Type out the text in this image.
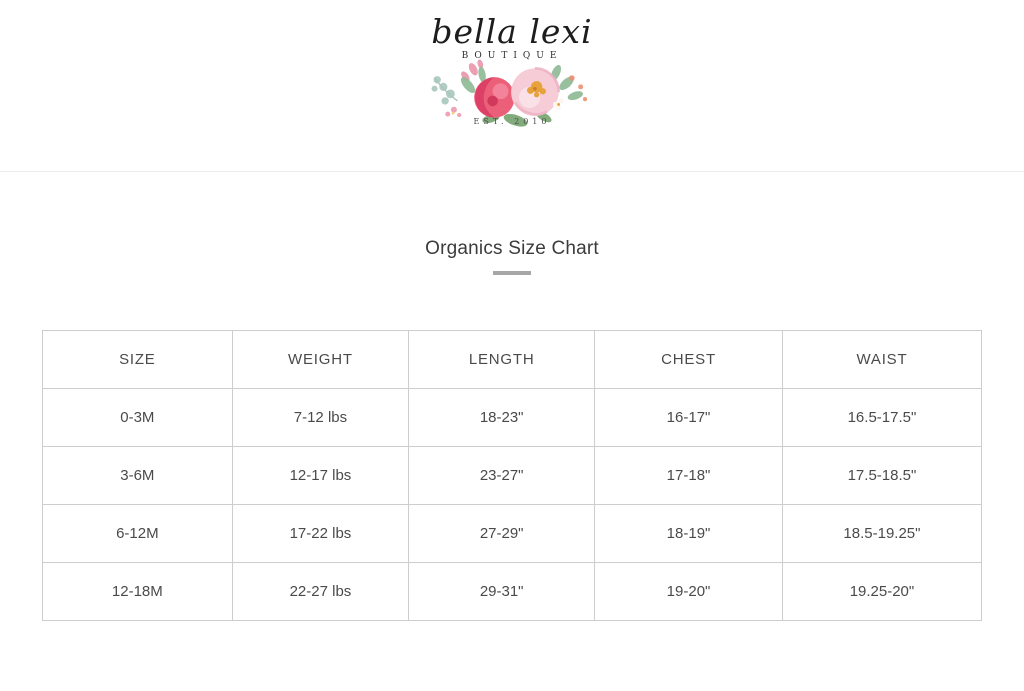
bella lexi
BOUTIQUE
EST. 2010
Organics Size Chart
SIZE	WEIGHT	LENGTH	CHEST	WAIST
0-3M	7-12 lbs	18-23"	16-17"	16.5-17.5"
3-6M	12-17 lbs	23-27"	17-18"	17.5-18.5"
6-12M	17-22 lbs	27-29"	18-19"	18.5-19.25"
12-18M	22-27 lbs	29-31"	19-20"	19.25-20"
